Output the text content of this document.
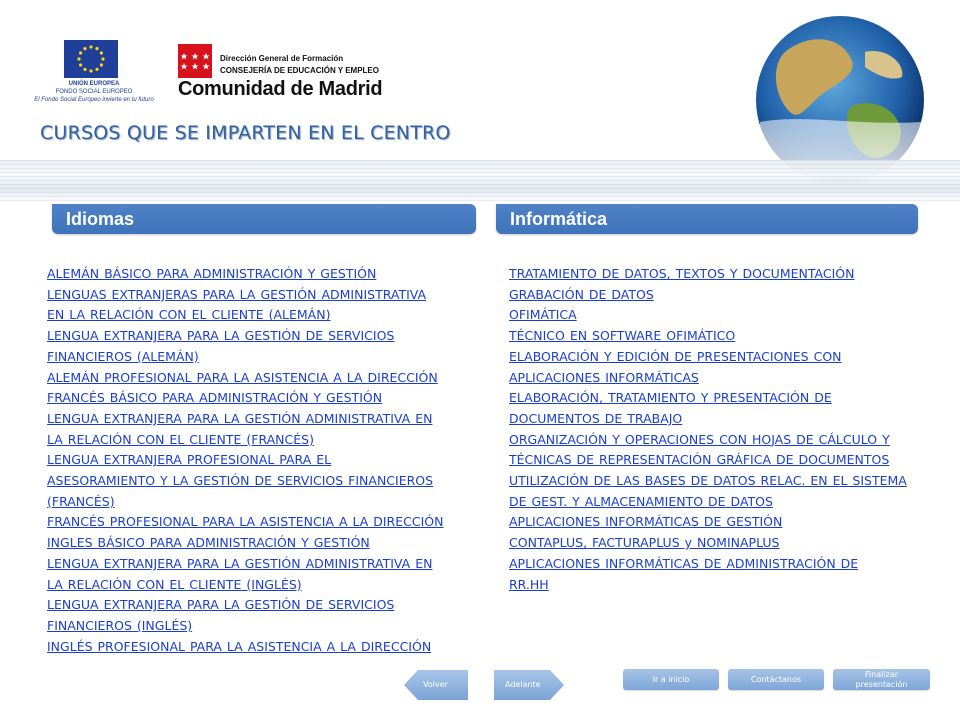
UNIÓN EUROPEA
FONDO SOCIAL EUROPEO
El Fondo Social Europeo invierte en tu futuro
Dirección General de Formación
CONSEJERÍA DE EDUCACIÓN Y EMPLEO
Comunidad de Madrid
CURSOS QUE SE IMPARTEN EN EL CENTRO
Idiomas	Informática
ALEMÁN BÁSICO PARA ADMINISTRACIÓN Y GESTIÓN
LENGUAS EXTRANJERAS PARA LA GESTIÓN ADMINISTRATIVA
EN LA RELACIÓN CON EL CLIENTE (ALEMÁN)
LENGUA EXTRANJERA PARA LA GESTIÓN DE SERVICIOS
FINANCIEROS (ALEMÁN)
ALEMÁN PROFESIONAL PARA LA ASISTENCIA A LA DIRECCIÓN
FRANCÉS BÁSICO PARA ADMINISTRACIÓN Y GESTIÓN
LENGUA EXTRANJERA PARA LA GESTIÓN ADMINISTRATIVA EN
LA RELACIÓN CON EL CLIENTE (FRANCÉS)
LENGUA EXTRANJERA PROFESIONAL PARA EL
ASESORAMIENTO Y LA GESTIÓN DE SERVICIOS FINANCIEROS
(FRANCÉS)
FRANCÉS PROFESIONAL PARA LA ASISTENCIA A LA DIRECCIÓN
INGLES BÁSICO PARA ADMINISTRACIÓN Y GESTIÓN
LENGUA EXTRANJERA PARA LA GESTIÓN ADMINISTRATIVA EN
LA RELACIÓN CON EL CLIENTE (INGLÉS)
LENGUA EXTRANJERA PARA LA GESTIÓN DE SERVICIOS
FINANCIEROS (INGLÉS)
INGLÉS PROFESIONAL PARA LA ASISTENCIA A LA DIRECCIÓN
TRATAMIENTO DE DATOS, TEXTOS Y DOCUMENTACIÓN
GRABACIÓN DE DATOS
OFIMÁTICA
TÉCNICO EN SOFTWARE OFIMÁTICO
ELABORACIÓN Y EDICIÓN DE PRESENTACIONES CON
APLICACIONES INFORMÁTICAS
ELABORACIÓN, TRATAMIENTO Y PRESENTACIÓN DE
DOCUMENTOS DE TRABAJO
ORGANIZACIÓN Y OPERACIONES CON HOJAS DE CÁLCULO Y
TÉCNICAS DE REPRESENTACIÓN GRÁFICA DE DOCUMENTOS
UTILIZACIÓN DE LAS BASES DE DATOS RELAC. EN EL SISTEMA
DE GEST. Y ALMACENAMIENTO DE DATOS
APLICACIONES INFORMÁTICAS DE GESTIÓN
CONTAPLUS, FACTURAPLUS y NOMINAPLUS
APLICACIONES INFORMÁTICAS DE ADMINISTRACIÓN DE
RR.HH
Volver	Adelante
Ir a inicio	Contáctanos
Finalizar
presentación
